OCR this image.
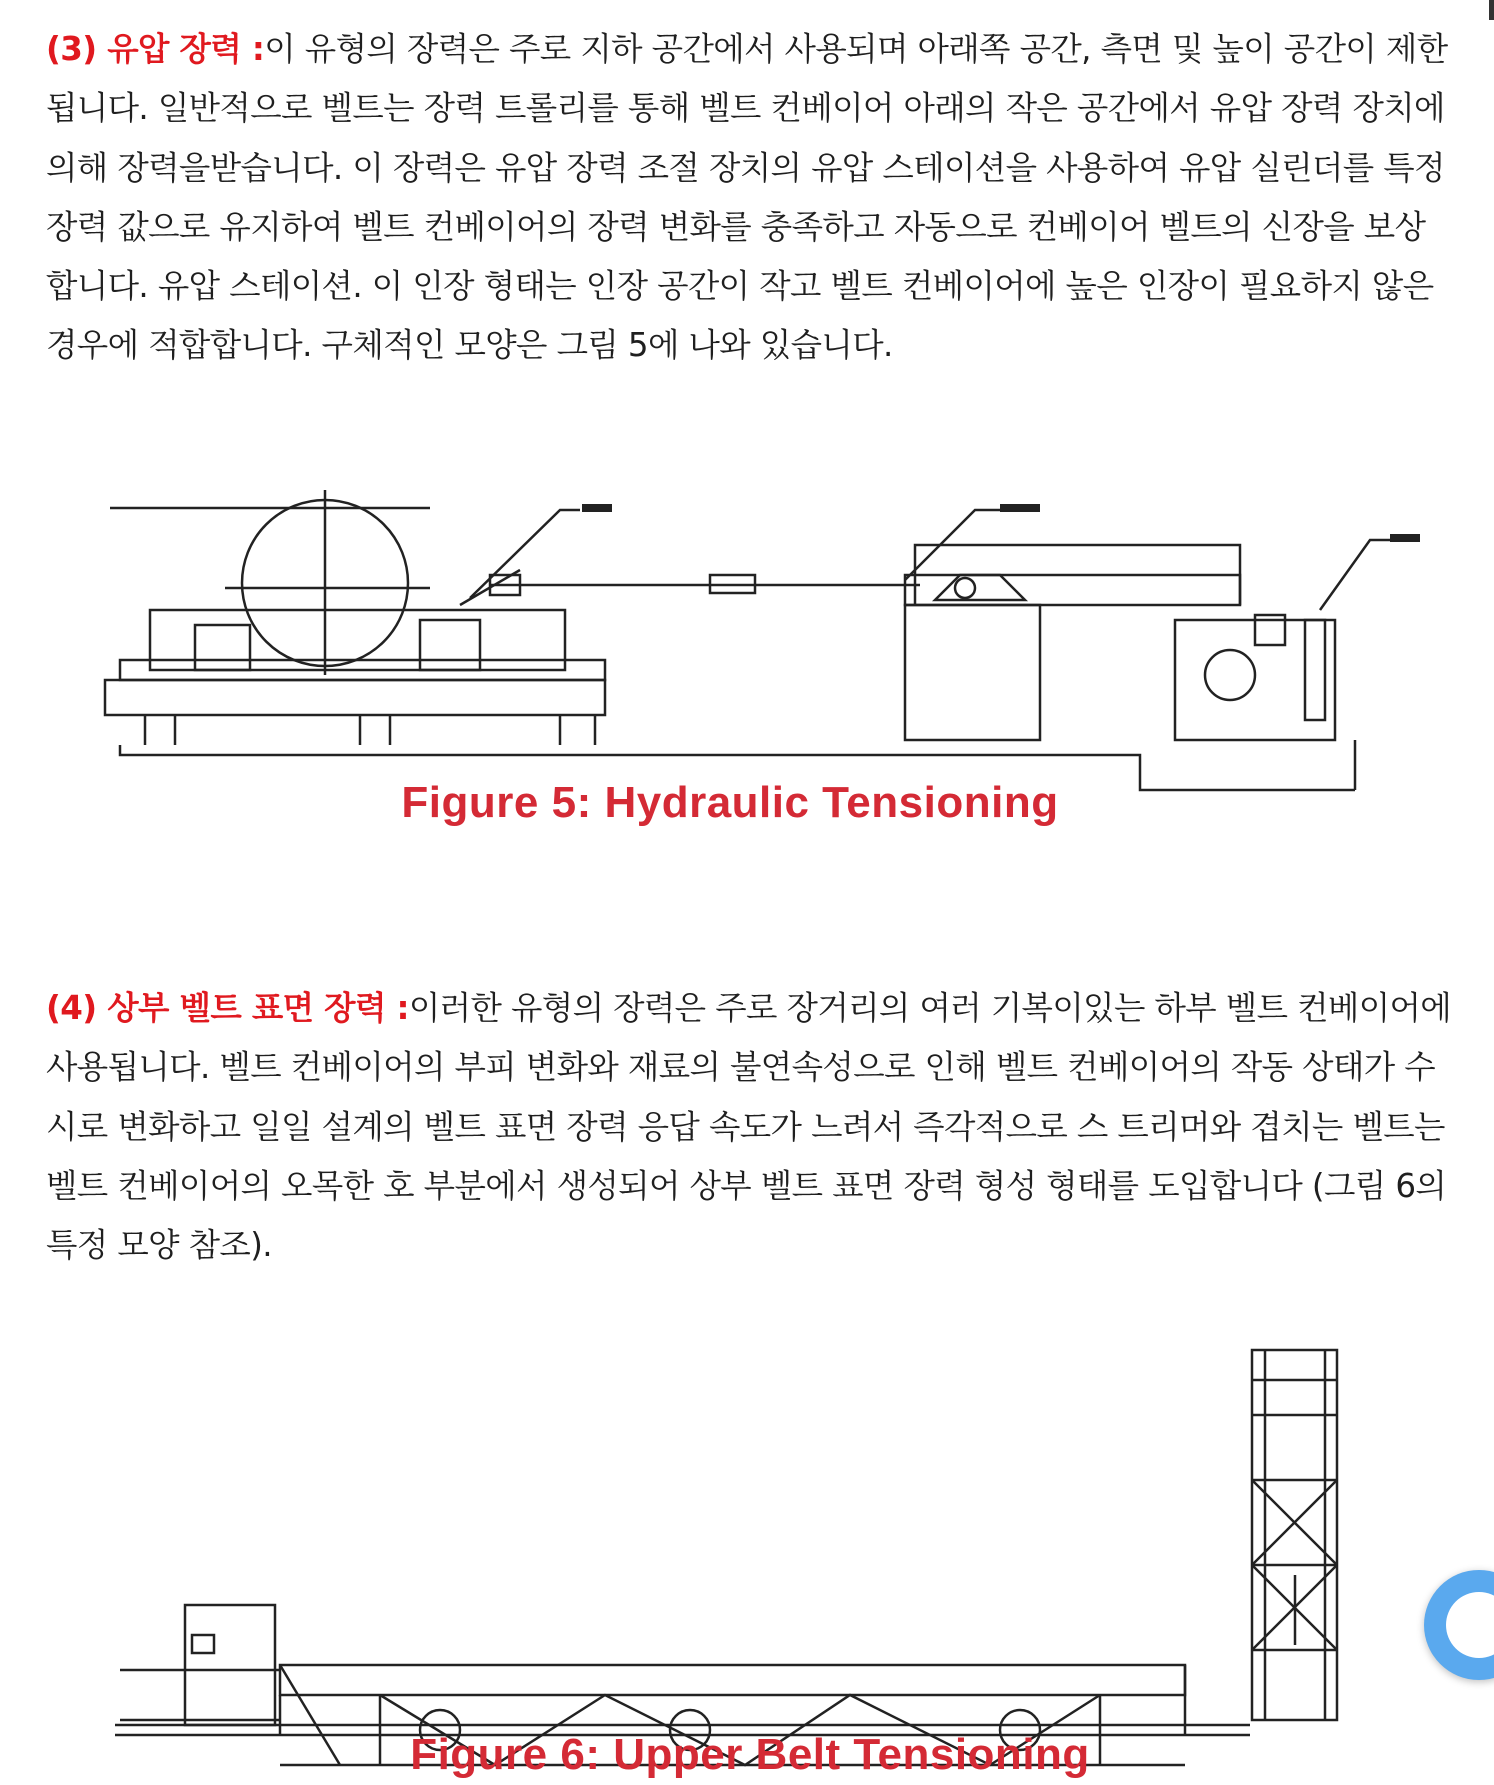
(3) 유압 장력 :이 유형의 장력은 주로 지하 공간에서 사용되며 아래쪽 공간, 측면 및 높이 공간이 제한
됩니다. 일반적으로 벨트는 장력 트롤리를 통해 벨트 컨베이어 아래의 작은 공간에서 유압 장력 장치에
의해 장력을받습니다. 이 장력은 유압 장력 조절 장치의 유압 스테이션을 사용하여 유압 실린더를 특정
장력 값으로 유지하여 벨트 컨베이어의 장력 변화를 충족하고 자동으로 컨베이어 벨트의 신장을 보상
합니다. 유압 스테이션. 이 인장 형태는 인장 공간이 작고 벨트 컨베이어에 높은 인장이 필요하지 않은
경우에 적합합니다. 구체적인 모양은 그림 5에 나와 있습니다.

Figure 5: Hydraulic Tensioning

(4) 상부 벨트 표면 장력 :이러한 유형의 장력은 주로 장거리의 여러 기복이있는 하부 벨트 컨베이어에
사용됩니다. 벨트 컨베이어의 부피 변화와 재료의 불연속성으로 인해 벨트 컨베이어의 작동 상태가 수
시로 변화하고 일일 설계의 벨트 표면 장력 응답 속도가 느려서 즉각적으로 스 트리머와 겹치는 벨트는
벨트 컨베이어의 오목한 호 부분에서 생성되어 상부 벨트 표면 장력 형성 형태를 도입합니다 (그림 6의
특정 모양 참조).

Figure 6: Upper Belt Tensioning
